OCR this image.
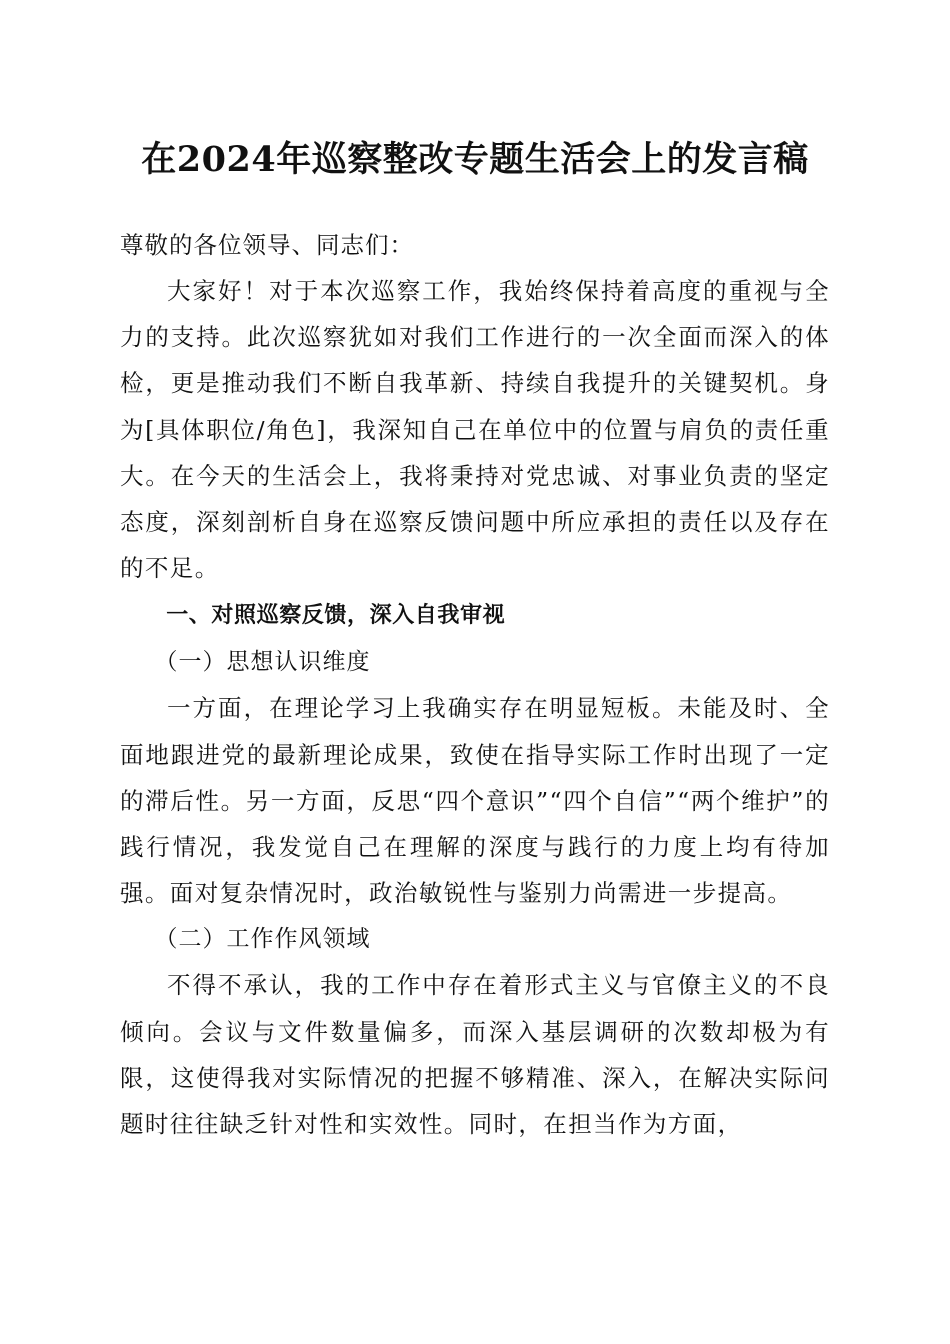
在2024年巡察整改专题生活会上的发言稿

尊敬的各位领导、同志们：

大家好！对于本次巡察工作，我始终保持着高度的重视与全力的支持。此次巡察犹如对我们工作进行的一次全面而深入的体检，更是推动我们不断自我革新、持续自我提升的关键契机。身为[具体职位/角色]，我深知自己在单位中的位置与肩负的责任重大。在今天的生活会上，我将秉持对党忠诚、对事业负责的坚定态度，深刻剖析自身在巡察反馈问题中所应承担的责任以及存在的不足。

一、对照巡察反馈，深入自我审视

（一）思想认识维度

一方面，在理论学习上我确实存在明显短板。未能及时、全面地跟进党的最新理论成果，致使在指导实际工作时出现了一定的滞后性。另一方面，反思“四个意识”“四个自信”“两个维护”的践行情况，我发觉自己在理解的深度与践行的力度上均有待加强。面对复杂情况时，政治敏锐性与鉴别力尚需进一步提高。

（二）工作作风领域

不得不承认，我的工作中存在着形式主义与官僚主义的不良倾向。会议与文件数量偏多，而深入基层调研的次数却极为有限，这使得我对实际情况的把握不够精准、深入，在解决实际问题时往往缺乏针对性和实效性。同时，在担当作为方面，
